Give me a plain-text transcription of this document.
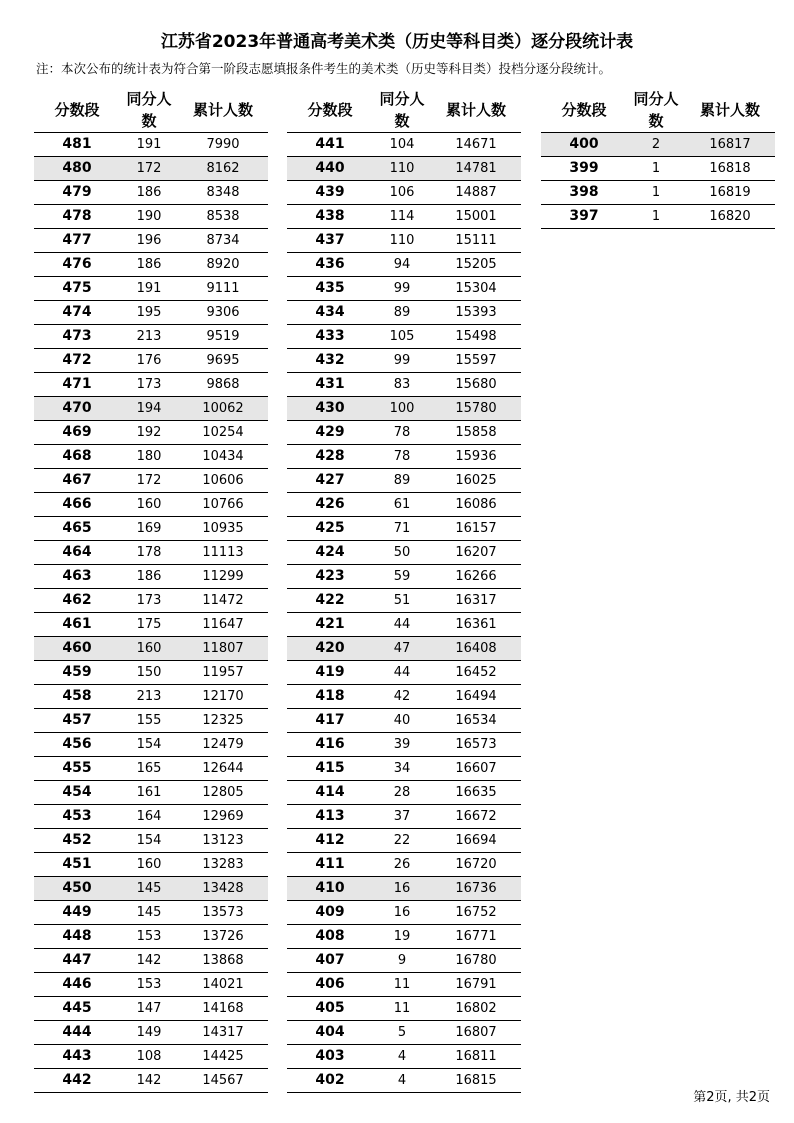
江苏省2023年普通高考美术类（历史等科目类）逐分段统计表
注：本次公布的统计表为符合第一阶段志愿填报条件考生的美术类（历史等科目类）投档分逐分段统计。
分数段	同分人数	累计人数
481	191	7990
480	172	8162
479	186	8348
478	190	8538
477	196	8734
476	186	8920
475	191	9111
474	195	9306
473	213	9519
472	176	9695
471	173	9868
470	194	10062
469	192	10254
468	180	10434
467	172	10606
466	160	10766
465	169	10935
464	178	11113
463	186	11299
462	173	11472
461	175	11647
460	160	11807
459	150	11957
458	213	12170
457	155	12325
456	154	12479
455	165	12644
454	161	12805
453	164	12969
452	154	13123
451	160	13283
450	145	13428
449	145	13573
448	153	13726
447	142	13868
446	153	14021
445	147	14168
444	149	14317
443	108	14425
442	142	14567
分数段	同分人数	累计人数
441	104	14671
440	110	14781
439	106	14887
438	114	15001
437	110	15111
436	94	15205
435	99	15304
434	89	15393
433	105	15498
432	99	15597
431	83	15680
430	100	15780
429	78	15858
428	78	15936
427	89	16025
426	61	16086
425	71	16157
424	50	16207
423	59	16266
422	51	16317
421	44	16361
420	47	16408
419	44	16452
418	42	16494
417	40	16534
416	39	16573
415	34	16607
414	28	16635
413	37	16672
412	22	16694
411	26	16720
410	16	16736
409	16	16752
408	19	16771
407	9	16780
406	11	16791
405	11	16802
404	5	16807
403	4	16811
402	4	16815
分数段	同分人数	累计人数
400	2	16817
399	1	16818
398	1	16819
397	1	16820
第2页, 共2页
